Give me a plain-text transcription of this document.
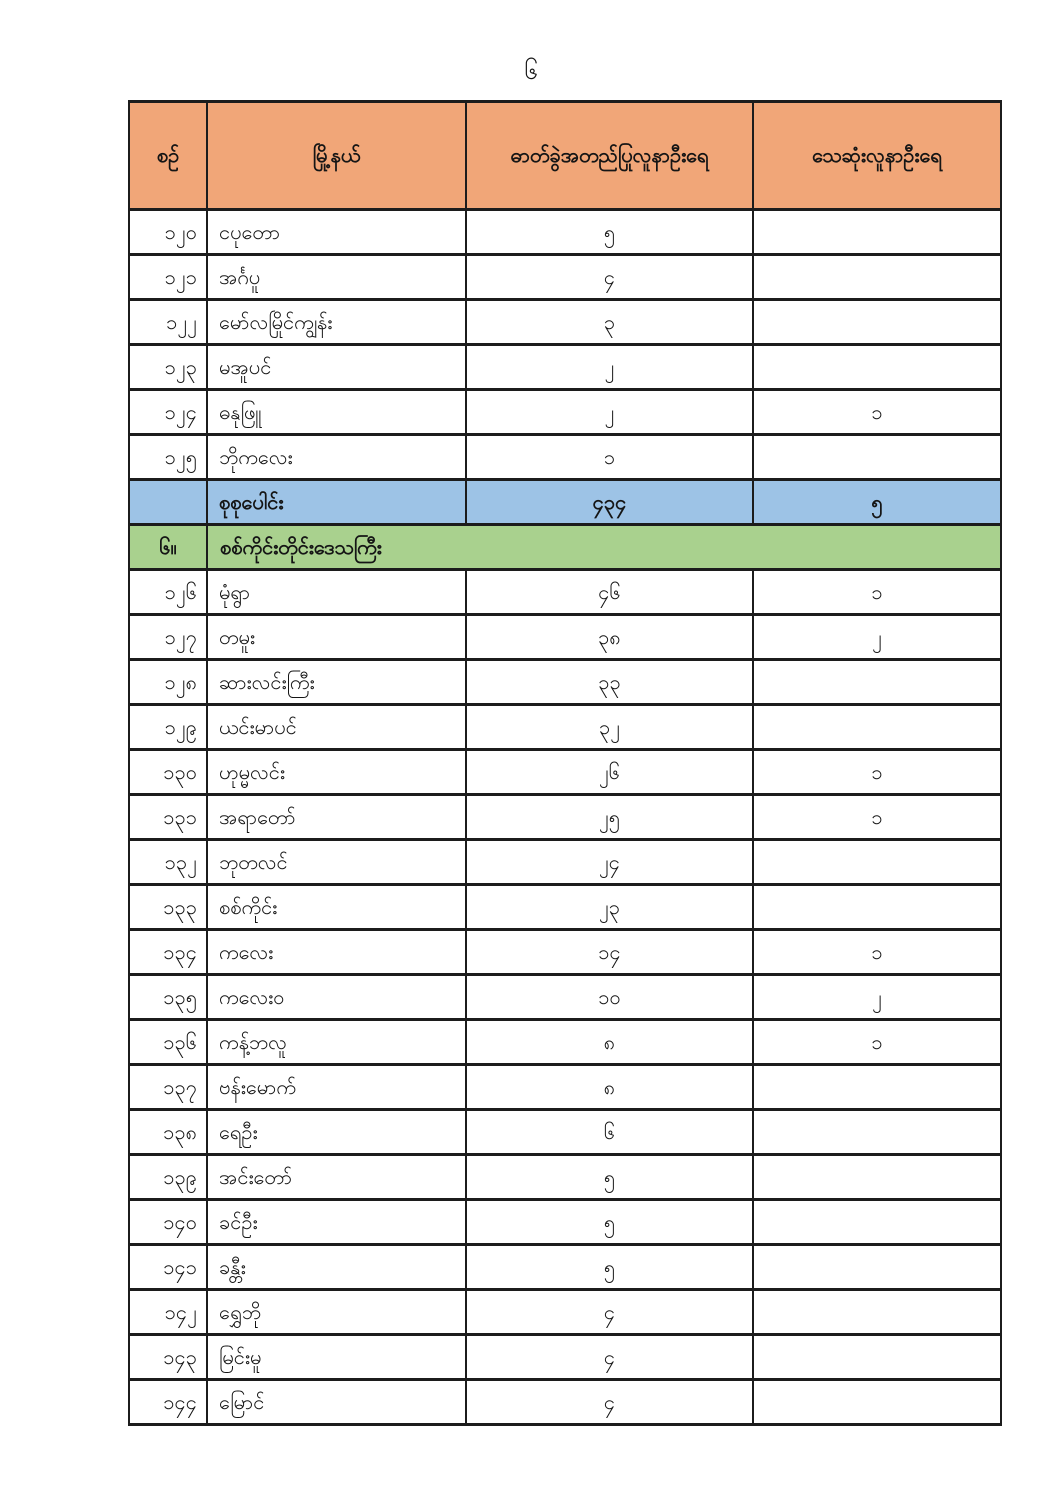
၆
စဉ်	မြို့နယ်	ဓာတ်ခွဲအတည်ပြုလူနာဦးရေ	သေဆုံးလူနာဦးရေ
၁၂၀	ငပုတော	၅	
၁၂၁	အင်္ဂပူ	၄	
၁၂၂	မော်လမြိုင်ကျွန်း	၃	
၁၂၃	မအူပင်	၂	
၁၂၄	ဓနုဖြူ	၂	၁
၁၂၅	ဘိုကလေး	၁	
	စုစုပေါင်း	၄၃၄	၅
၆။	စစ်ကိုင်းတိုင်းဒေသကြီး		
၁၂၆	မုံရွာ	၄၆	၁
၁၂၇	တမူး	၃၈	၂
၁၂၈	ဆားလင်းကြီး	၃၃	
၁၂၉	ယင်းမာပင်	၃၂	
၁၃၀	ဟုမ္မလင်း	၂၆	၁
၁၃၁	အရာတော်	၂၅	၁
၁၃၂	ဘုတလင်	၂၄	
၁၃၃	စစ်ကိုင်း	၂၃	
၁၃၄	ကလေး	၁၄	၁
၁၃၅	ကလေးဝ	၁၀	၂
၁၃၆	ကန့်ဘလူ	၈	၁
၁၃၇	ဗန်းမောက်	၈	
၁၃၈	ရေဦး	၆	
၁၃၉	အင်းတော်	၅	
၁၄၀	ခင်ဦး	၅	
၁၄၁	ခန္တီး	၅	
၁၄၂	ရွှေဘို	၄	
၁၄၃	မြင်းမူ	၄	
၁၄၄	မြောင်	၄	
